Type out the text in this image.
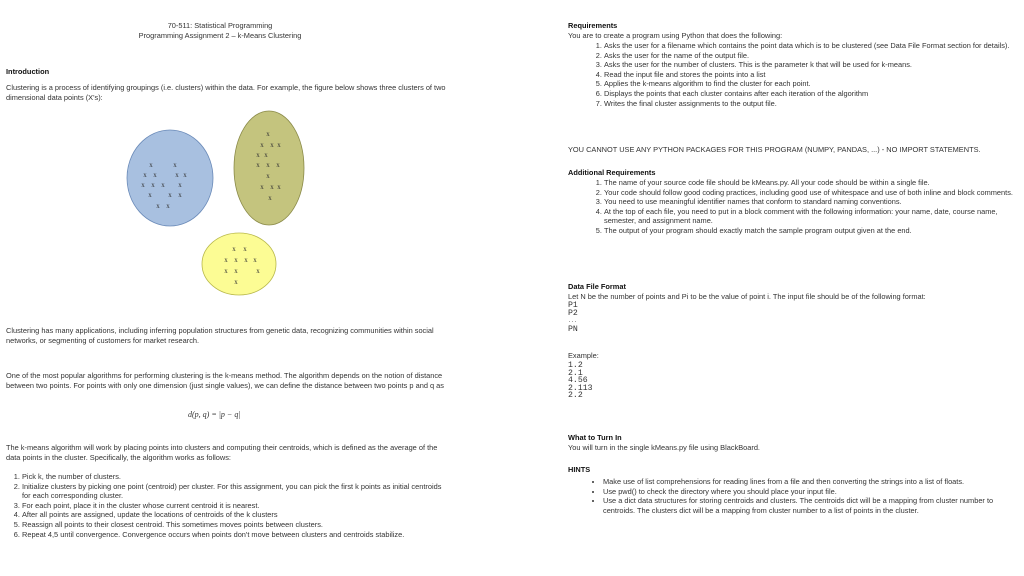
70-511: Statistical Programming
Programming Assignment 2 – k-Means Clustering
Introduction
Clustering is a process of identifying groupings (i.e. clusters) within the data. For example, the figure below shows three clusters of two dimensional data points (X's):
x	x
x x	x x
x x x x
x x x
x x
x
x x x
x x
x x x
x
x x x
x
x x
x x x x
x x	x
x
Clustering has many applications, including inferring population structures from genetic data, recognizing communities within social networks, or segmenting of customers for market research.
One of the most popular algorithms for performing clustering is the k-means method. The algorithm depends on the notion of distance between two points. For points with only one dimension (just single values), we can define the distance between two points p and q as
d(p, q) = |p − q|
The k-means algorithm will work by placing points into clusters and computing their centroids, which is defined as the average of the data points in the cluster. Specifically, the algorithm works as follows:
1. Pick k, the number of clusters.
2. Initialize clusters by picking one point (centroid) per cluster. For this assignment, you can pick the first k points as initial centroids for each corresponding cluster.
3. For each point, place it in the cluster whose current centroid it is nearest.
4. After all points are assigned, update the locations of centroids of the k clusters
5. Reassign all points to their closest centroid. This sometimes moves points between clusters.
6. Repeat 4,5 until convergence. Convergence occurs when points don't move between clusters and centroids stabilize.
Requirements
You are to create a program using Python that does the following:
1. Asks the user for a filename which contains the point data which is to be clustered (see Data File Format section for details).
2. Asks the user for the name of the output file.
3. Asks the user for the number of clusters. This is the parameter k that will be used for k-means.
4. Read the input file and stores the points into a list
5. Applies the k-means algorithm to find the cluster for each point.
6. Displays the points that each cluster contains after each iteration of the algorithm
7. Writes the final cluster assignments to the output file.
YOU CANNOT USE ANY PYTHON PACKAGES FOR THIS PROGRAM (NUMPY, PANDAS, ...) - NO IMPORT STATEMENTS.
Additional Requirements
1. The name of your source code file should be kMeans.py. All your code should be within a single file.
2. Your code should follow good coding practices, including good use of whitespace and use of both inline and block comments.
3. You need to use meaningful identifier names that conform to standard naming conventions.
4. At the top of each file, you need to put in a block comment with the following information: your name, date, course name, semester, and assignment name.
5. The output of your program should exactly match the sample program output given at the end.
Data File Format
Let N be the number of points and Pi to be the value of point i. The input file should be of the following format:
P1
P2
...
PN
Example:
1.2
2.1
4.56
2.113
2.2
What to Turn In
You will turn in the single kMeans.py file using BlackBoard.
HINTS
• Make use of list comprehensions for reading lines from a file and then converting the strings into a list of floats.
• Use pwd() to check the directory where you should place your input file.
• Use a dict data structures for storing centroids and clusters. The centroids dict will be a mapping from cluster number to centroids. The clusters dict will be a mapping from cluster number to a list of points in the cluster.
